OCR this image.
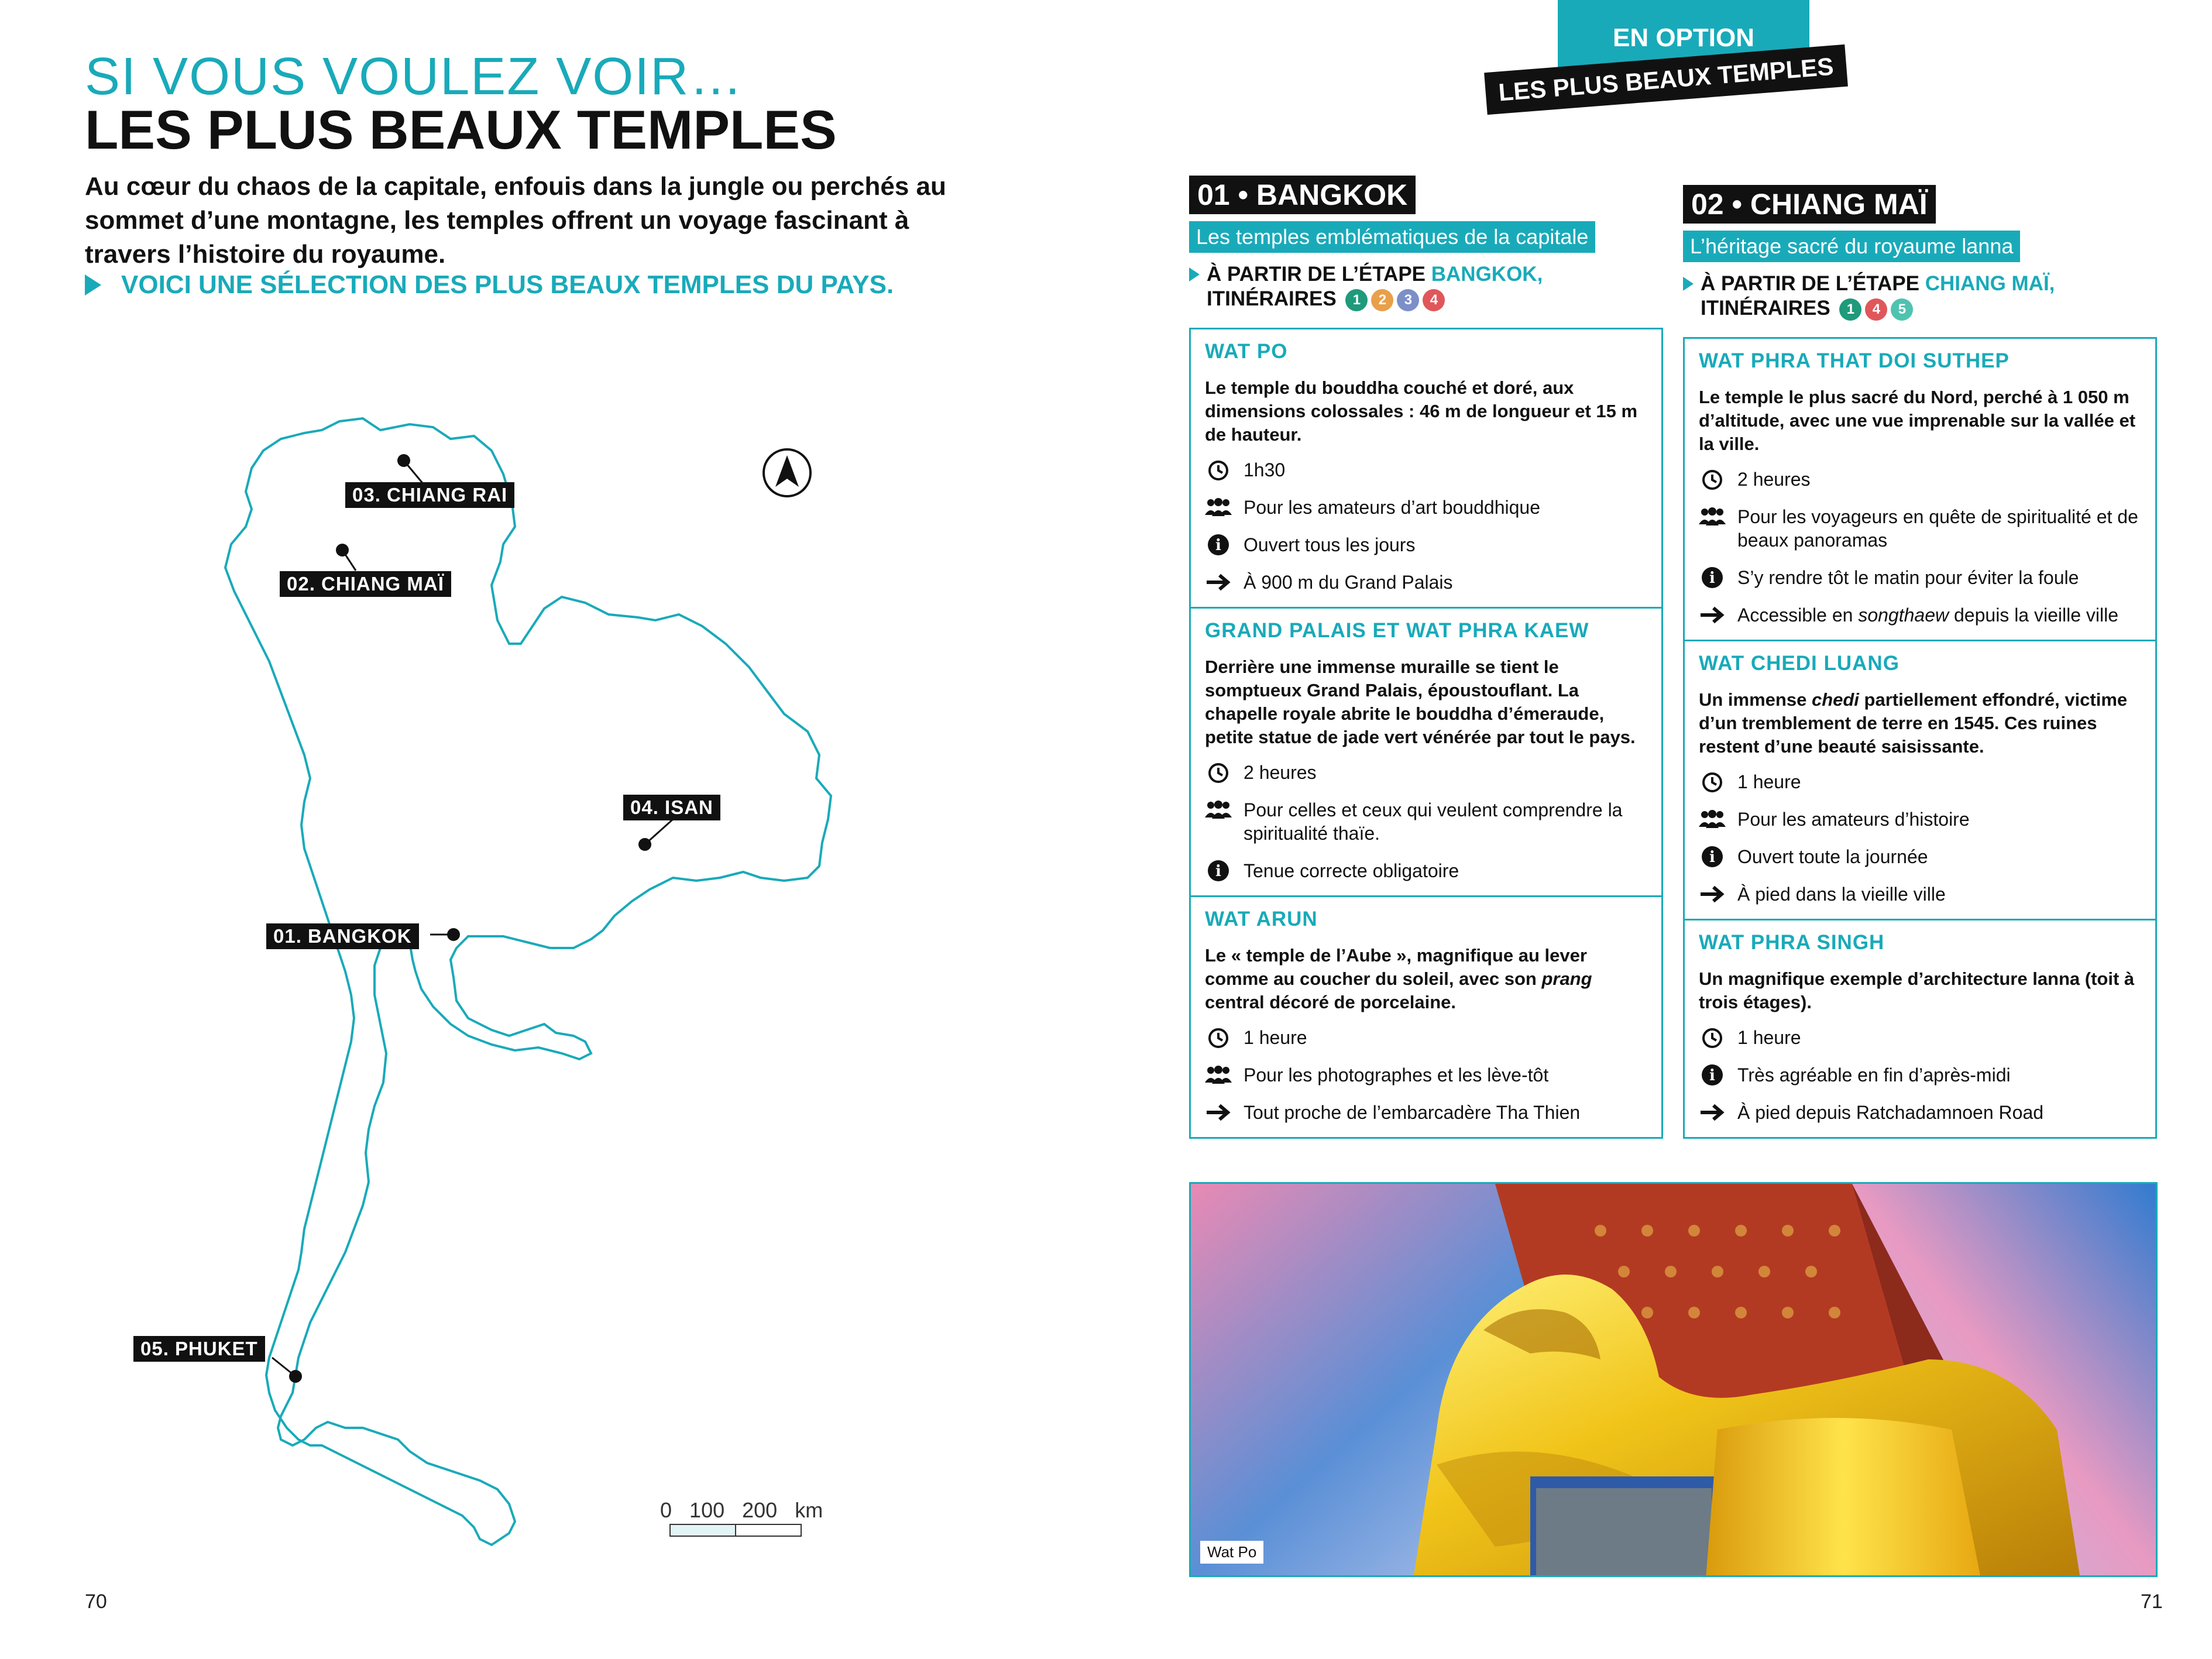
SI VOUS VOULEZ VOIR…
LES PLUS BEAUX TEMPLES
Au cœur du chaos de la capitale, enfouis dans la jungle ou perchés au sommet d’une montagne, les temples offrent un voyage fascinant à travers l’histoire du royaume.
VOICI UNE SÉLECTION DES PLUS BEAUX TEMPLES DU PAYS.
03. CHIANG RAI
02. CHIANG MAÏ
04. ISAN
01. BANGKOK
05. PHUKET
0 100 200 km
70
EN OPTION
LES PLUS BEAUX TEMPLES
01 • BANGKOK
Les temples emblématiques de la capitale
À PARTIR DE L’ÉTAPE BANGKOK,
ITINÉRAIRES 1 2 3 4
WAT PO
Le temple du bouddha couché et doré, aux dimensions colossales : 46 m de longueur et 15 m de hauteur.
1h30
Pour les amateurs d’art bouddhique
i Ouvert tous les jours
À 900 m du Grand Palais
GRAND PALAIS ET WAT PHRA KAEW
Derrière une immense muraille se tient le somptueux Grand Palais, époustouflant. La chapelle royale abrite le bouddha d’émeraude, petite statue de jade vert vénérée par tout le pays.
2 heures
Pour celles et ceux qui veulent comprendre la spiritualité thaïe.
i Tenue correcte obligatoire
WAT ARUN
Le « temple de l’Aube », magnifique au lever comme au coucher du soleil, avec son prang central décoré de porcelaine.
1 heure
Pour les photographes et les lève-tôt
Tout proche de l’embarcadère Tha Thien
02 • CHIANG MAÏ
L’héritage sacré du royaume lanna
À PARTIR DE L’ÉTAPE CHIANG MAÏ,
ITINÉRAIRES 1 4 5
WAT PHRA THAT DOI SUTHEP
Le temple le plus sacré du Nord, perché à 1 050 m d’altitude, avec une vue imprenable sur la vallée et la ville.
2 heures
Pour les voyageurs en quête de spiritualité et de beaux panoramas
i S’y rendre tôt le matin pour éviter la foule
Accessible en songthaew depuis la vieille ville
WAT CHEDI LUANG
Un immense chedi partiellement effondré, victime d’un tremblement de terre en 1545. Ces ruines restent d’une beauté saisissante.
1 heure
Pour les amateurs d’histoire
i Ouvert toute la journée
À pied dans la vieille ville
WAT PHRA SINGH
Un magnifique exemple d’architecture lanna (toit à trois étages).
1 heure
i Très agréable en fin d’après-midi
À pied depuis Ratchadamnoen Road
Wat Po
71
